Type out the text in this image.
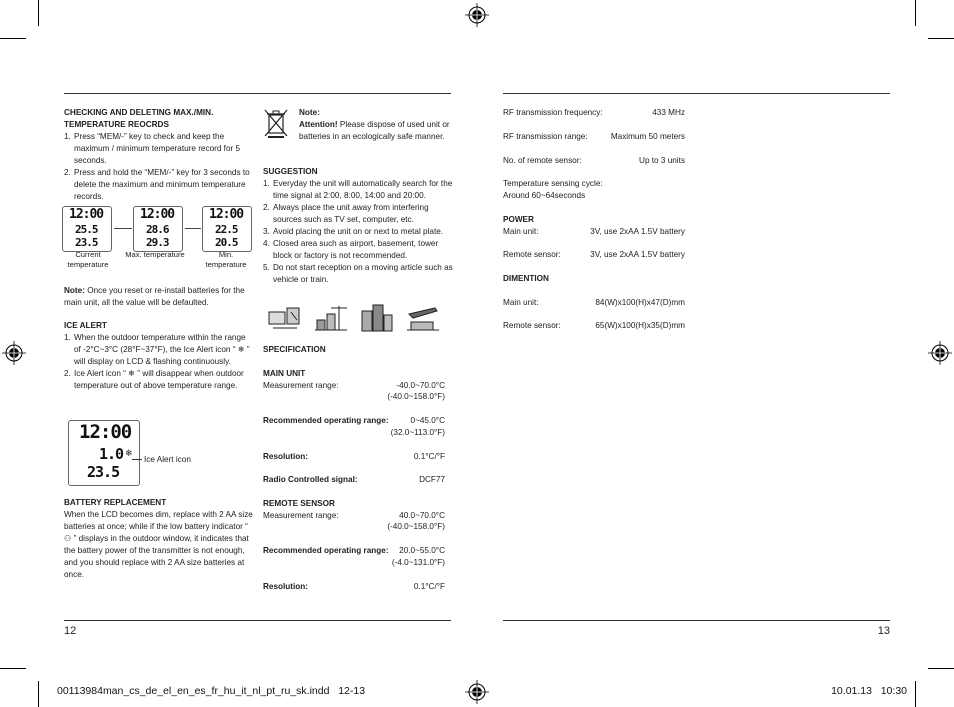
CHECKING AND DELETING MAX./MIN. TEMPERATURE REOCRDS
1. Press “MEM/-” key to check and keep the maximum / minimum temperature record for 5 seconds.
2. Press and hold the “MEM/-” key for 3 seconds to delete the maximum and minimum temperature records.
12:00
25.5
23.5
12:00
28.6
29.3
12:00
22.5
20.5
Current temperature
Max. temperature	Min. temperature
Note: Once you reset or re-install batteries for the main unit, all the value will be defaulted.
ICE ALERT
1. When the outdoor temperature within the range of -2°C~3°C (28°F~37°F), the Ice Alert icon “ ❄ ” will display on LCD & flashing continuously.
2. Ice Alert icon “ ❄ ” will disappear when outdoor temperature out of above temperature range.
12:00
1.0 ❄
23.5
Ice Alert icon
BATTERY REPLACEMENT
When the LCD becomes dim, replace with 2 AA size batteries at once; while if the low battery indicator “ ⚇ ” displays in the outdoor window, it indicates that the battery power of the transmitter is not enough, and you should replace with 2 AA size batteries at once.
Note:
Attention! Please dispose of used unit or batteries in an ecologically safe manner.
SUGGESTION
1. Everyday the unit will automatically search for the time signal at 2:00, 8:00, 14:00 and 20:00.
2. Always place the unit away from interfering sources such as TV set, computer, etc.
3. Avoid placing the unit on or next to metal plate.
4. Closed area such as airport, basement, tower block or factory is not recommended.
5. Do not start reception on a moving article such as vehicle or train.
SPECIFICATION
MAIN UNIT
Measurement range:	-40.0~70.0°C
(-40.0~158.0°F)
Recommended operating range:	0~45.0°C
(32.0~113.0°F)
Resolution:	0.1°C/°F
Radio Controlled signal:	DCF77
REMOTE SENSOR
Measurement range:	40.0~70.0°C
(-40.0~158.0°F)
Recommended operating range:	20.0~55.0°C
(-4.0~131.0°F)
Resolution:	0.1°C/°F
12
RF transmission frequency:	433 MHz
RF transmission range:	Maximum 50 meters
No. of remote sensor:	Up to 3 units
Temperature sensing cycle:
Around 60~64seconds
POWER
Main unit:	3V, use 2xAA 1.5V battery
Remote sensor:	3V, use 2xAA 1.5V battery
DIMENTION
Main unit:	84(W)x100(H)x47(D)mm
Remote sensor:	65(W)x100(H)x35(D)mm
13
00113984man_cs_de_el_en_es_fr_hu_it_nl_pt_ru_sk.indd   12-13	10.01.13   10:30
